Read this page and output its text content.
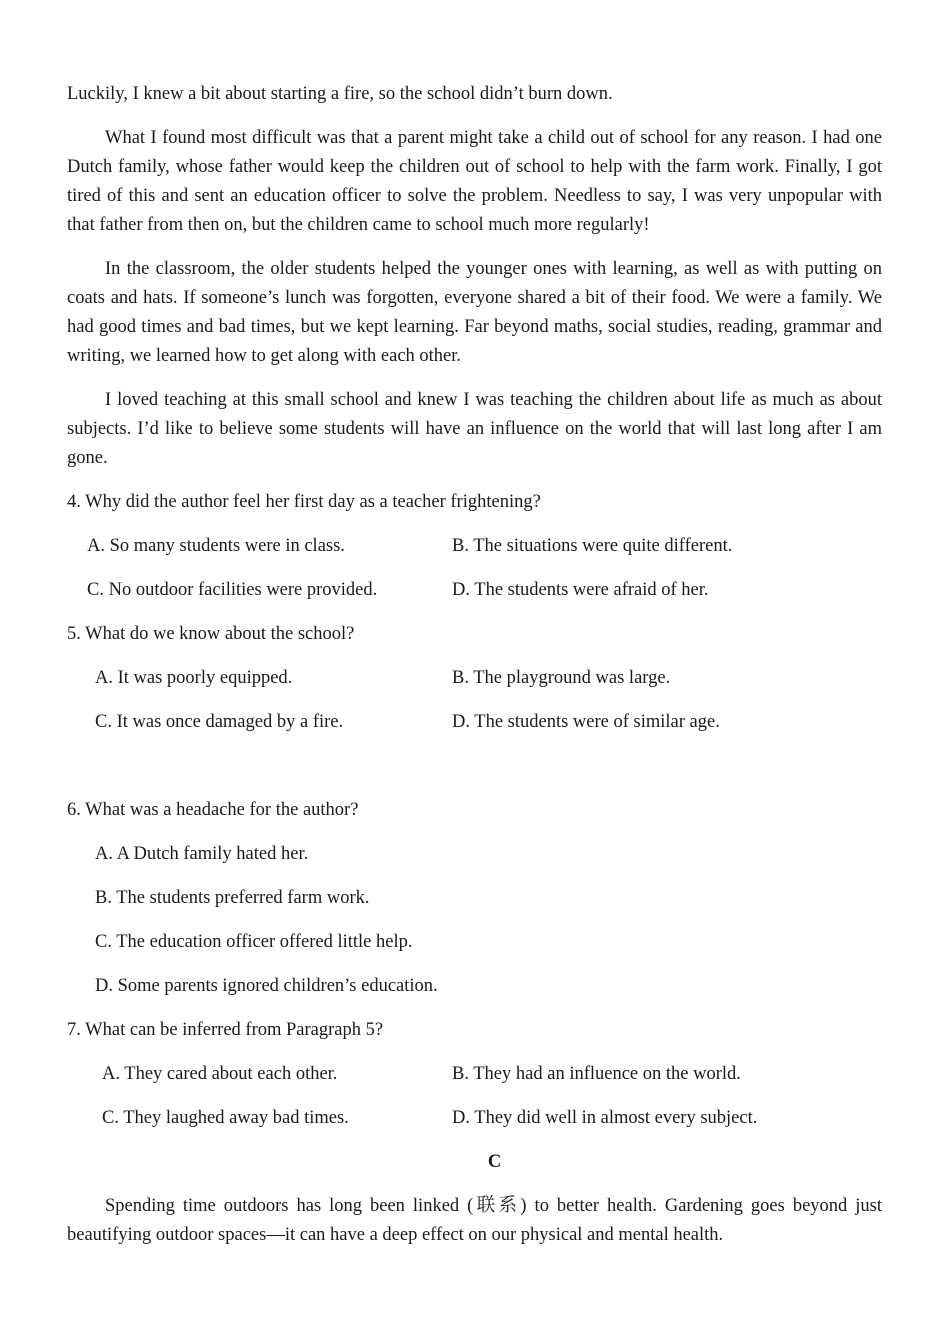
Luckily, I knew a bit about starting a fire, so the school didn’t burn down.

What I found most difficult was that a parent might take a child out of school for any reason. I had one Dutch family, whose father would keep the children out of school to help with the farm work. Finally, I got tired of this and sent an education officer to solve the problem. Needless to say, I was very unpopular with that father from then on, but the children came to school much more regularly!

In the classroom, the older students helped the younger ones with learning, as well as with putting on coats and hats. If someone’s lunch was forgotten, everyone shared a bit of their food. We were a family. We had good times and bad times, but we kept learning. Far beyond maths, social studies, reading, grammar and writing, we learned how to get along with each other.

I loved teaching at this small school and knew I was teaching the children about life as much as about subjects. I’d like to believe some students will have an influence on the world that will last long after I am gone.

4. Why did the author feel her first day as a teacher frightening?
A. So many students were in class.	B. The situations were quite different.
C. No outdoor facilities were provided.	D. The students were afraid of her.
5. What do we know about the school?
A. It was poorly equipped.	B. The playground was large.
C. It was once damaged by a fire.	D. The students were of similar age.
6. What was a headache for the author?
A. A Dutch family hated her.
B. The students preferred farm work.
C. The education officer offered little help.
D. Some parents ignored children’s education.
7. What can be inferred from Paragraph 5?
A. They cared about each other.	B. They had an influence on the world.
C. They laughed away bad times.	D. They did well in almost every subject.
C

Spending time outdoors has long been linked (联系) to better health. Gardening goes beyond just beautifying outdoor spaces—it can have a deep effect on our physical and mental health.
